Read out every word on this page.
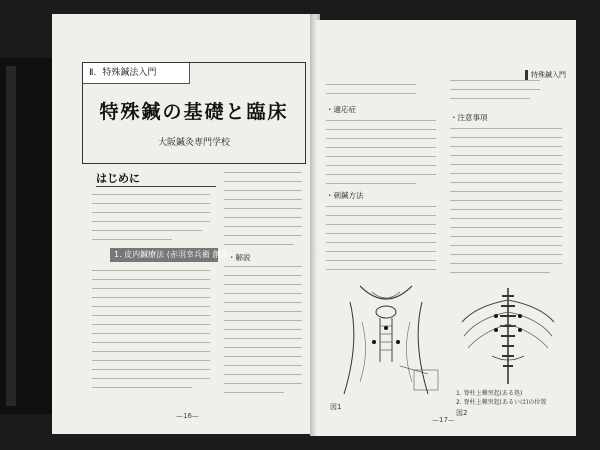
Ⅱ．特殊鍼法入門
特殊鍼の基礎と臨床
大阪鍼灸専門学校
はじめに
1. 皮内鍼療法 (赤羽幸兵衛 創案)
・解説
—16—
特殊鍼入門
・適応症
・注意事項
・刺鍼方法
図1
1. 脊柱上棘突起(ある処)
2. 脊柱上棘突起(あるいは)の位置
図2
—17—
